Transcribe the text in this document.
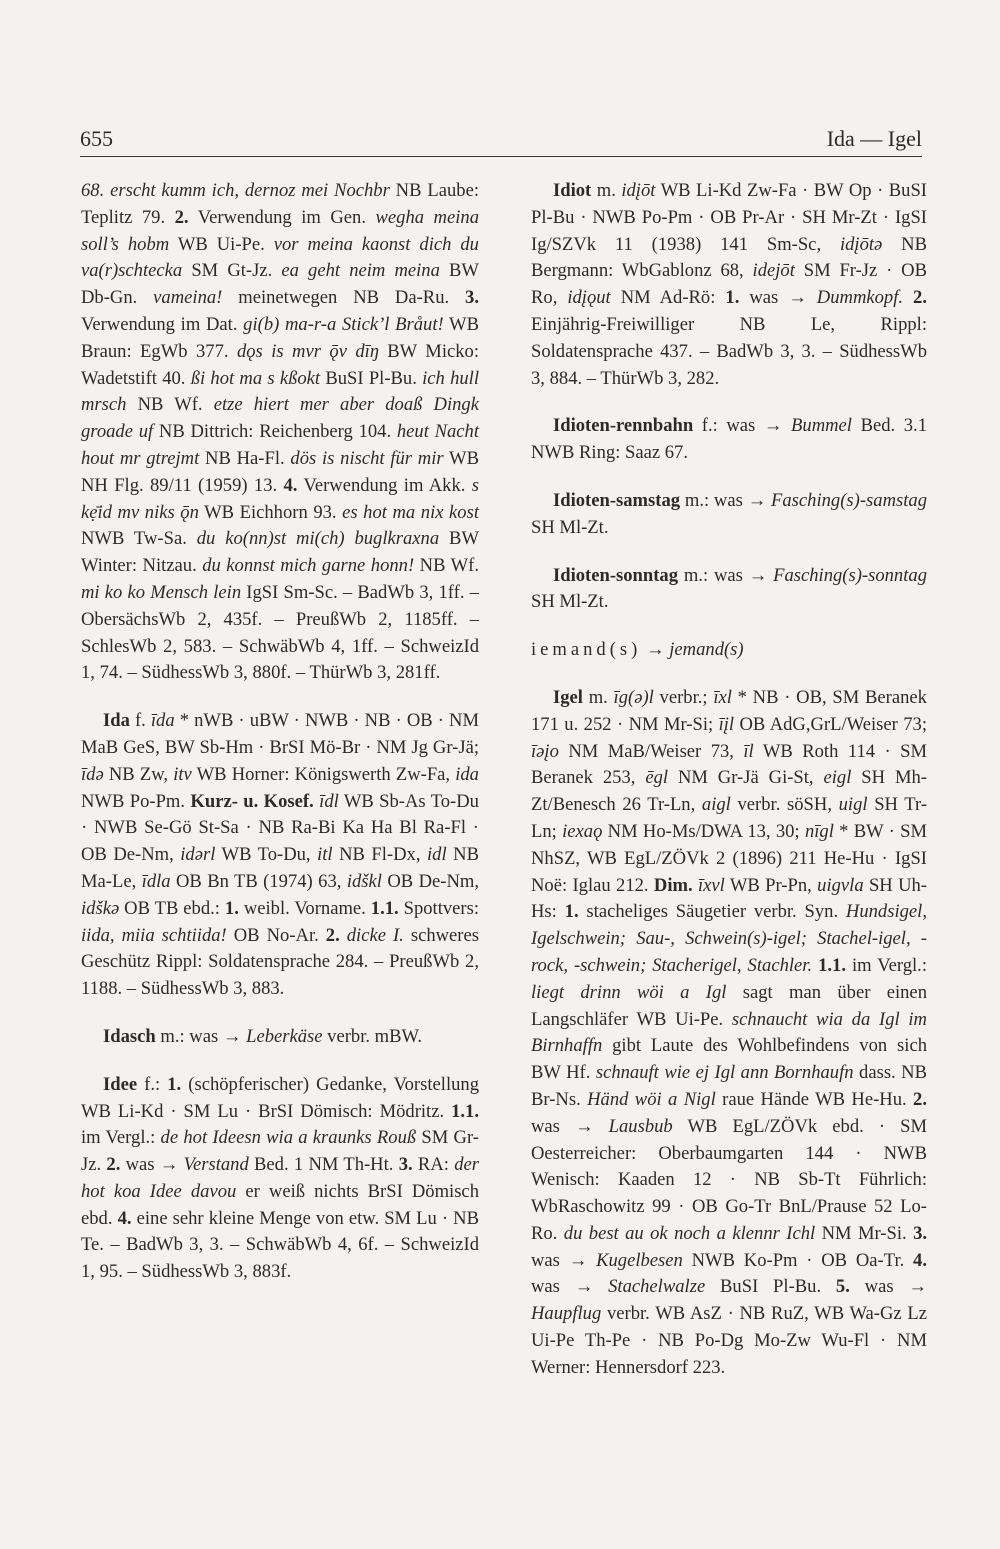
655	Ida — Igel

68. erscht kumm ich, dernoz mei Nochbr NB Laube: Teplitz 79. 2. Verwendung im Gen. wegha meina soll’s hobm WB Ui-Pe. vor meina kaonst dich du va(r)schtecka SM Gt-Jz. ea geht neim meina BW Db-Gn. vameina! meinetwegen NB Da-Ru. 3. Verwendung im Dat. gi(b) ma-r-a Stick’l Bråut! WB Braun: EgWb 377. dǫs is mvr ǭv dīŋ BW Micko: Wadetstift 40. ßi hot ma s kßokt BuSI Pl-Bu. ich hull mrsch NB Wf. etze hiert mer aber doaß Dingk groade uf NB Dittrich: Reichenberg 104. heut Nacht hout mr gtrejmt NB Ha-Fl. dös is nischt für mir WB NH Flg. 89/11 (1959) 13. 4. Verwendung im Akk. s kẹ̄id mv niks ǭn WB Eichhorn 93. es hot ma nix kost NWB Tw-Sa. du ko(nn)st mi(ch) buglkraxna BW Winter: Nitzau. du konnst mich garne honn! NB Wf. mi ko ko Mensch lein IgSI Sm-Sc. – BadWb 3, 1ff. – ObersächsWb 2, 435f. – PreußWb 2, 1185ff. – SchlesWb 2, 583. – SchwäbWb 4, 1ff. – SchweizId 1, 74. – SüdhessWb 3, 880f. – ThürWb 3, 281ff.

Ida f. īda * nWB · uBW · NWB · NB · OB · NM MaB GeS, BW Sb-Hm · BrSI Mö-Br · NM Jg Gr-Jä; īdə NB Zw, itv WB Horner: Königswerth Zw-Fa, ida NWB Po-Pm. Kurz- u. Kosef. īdl WB Sb-As To-Du · NWB Se-Gö St-Sa · NB Ra-Bi Ka Ha Bl Ra-Fl · OB De-Nm, idərl WB To-Du, itl NB Fl-Dx, idl NB Ma-Le, īdla OB Bn TB (1974) 63, idškl OB De-Nm, idškə OB TB ebd.: 1. weibl. Vorname. 1.1. Spottvers: iida, miia schtiida! OB No-Ar. 2. dicke I. schweres Geschütz Rippl: Soldatensprache 284. – PreußWb 2, 1188. – SüdhessWb 3, 883.

Idasch m.: was → Leberkäse verbr. mBW.

Idee f.: 1. (schöpferischer) Gedanke, Vorstellung WB Li-Kd · SM Lu · BrSI Dömisch: Mödritz. 1.1. im Vergl.: de hot Ideesn wia a kraunks Rouß SM Gr-Jz. 2. was → Verstand Bed. 1 NM Th-Ht. 3. RA: der hot koa Idee davou er weiß nichts BrSI Dömisch ebd. 4. eine sehr kleine Menge von etw. SM Lu · NB Te. – BadWb 3, 3. – SchwäbWb 4, 6f. – SchweizId 1, 95. – SüdhessWb 3, 883f.

Idiot m. idįōt WB Li-Kd Zw-Fa · BW Op · BuSI Pl-Bu · NWB Po-Pm · OB Pr-Ar · SH Mr-Zt · IgSI Ig/SZVk 11 (1938) 141 Sm-Sc, idįōtə NB Bergmann: WbGablonz 68, idejōt SM Fr-Jz · OB Ro, idįǫut NM Ad-Rö: 1. was → Dummkopf. 2. Einjährig-Freiwilliger NB Le, Rippl: Soldatensprache 437. – BadWb 3, 3. – SüdhessWb 3, 884. – ThürWb 3, 282.

Idioten-rennbahn f.: was → Bummel Bed. 3.1 NWB Ring: Saaz 67.

Idioten-samstag m.: was → Fasching(s)-samstag SH Ml-Zt.

Idioten-sonntag m.: was → Fasching(s)-sonntag SH Ml-Zt.

iemand(s) → jemand(s)

Igel m. īg(ə)l verbr.; īxl * NB · OB, SM Beranek 171 u. 252 · NM Mr-Si; īįl OB AdG,GrL/Weiser 73; īəįo NM MaB/Weiser 73, īl WB Roth 114 · SM Beranek 253, ēgl NM Gr-Jä Gi-St, eigl SH Mh-Zt/Benesch 26 Tr-Ln, aigl verbr. söSH, uigl SH Tr-Ln; iexaǫ NM Ho-Ms/DWA 13, 30; nīgl * BW · SM NhSZ, WB EgL/ZÖVk 2 (1896) 211 He-Hu · IgSI Noë: Iglau 212. Dim. īxvl WB Pr-Pn, uigvla SH Uh-Hs: 1. stacheliges Säugetier verbr. Syn. Hundsigel, Igelschwein; Sau-, Schwein(s)-igel; Stachel-igel, -rock, -schwein; Stacherigel, Stachler. 1.1. im Vergl.: liegt drinn wöi a Igl sagt man über einen Langschläfer WB Ui-Pe. schnaucht wia da Igl im Birnhaffn gibt Laute des Wohlbefindens von sich BW Hf. schnauft wie ej Igl ann Bornhaufn dass. NB Br-Ns. Händ wöi a Nigl raue Hände WB He-Hu. 2. was → Lausbub WB EgL/ZÖVk ebd. · SM Oesterreicher: Oberbaumgarten 144 · NWB Wenisch: Kaaden 12 · NB Sb-Tt Führlich: WbRaschowitz 99 · OB Go-Tr BnL/Prause 52 Lo-Ro. du best au ok noch a klennr Ichl NM Mr-Si. 3. was → Kugelbesen NWB Ko-Pm · OB Oa-Tr. 4. was → Stachelwalze BuSI Pl-Bu. 5. was → Haupflug verbr. WB AsZ · NB RuZ, WB Wa-Gz Lz Ui-Pe Th-Pe · NB Po-Dg Mo-Zw Wu-Fl · NM Werner: Hennersdorf 223.
